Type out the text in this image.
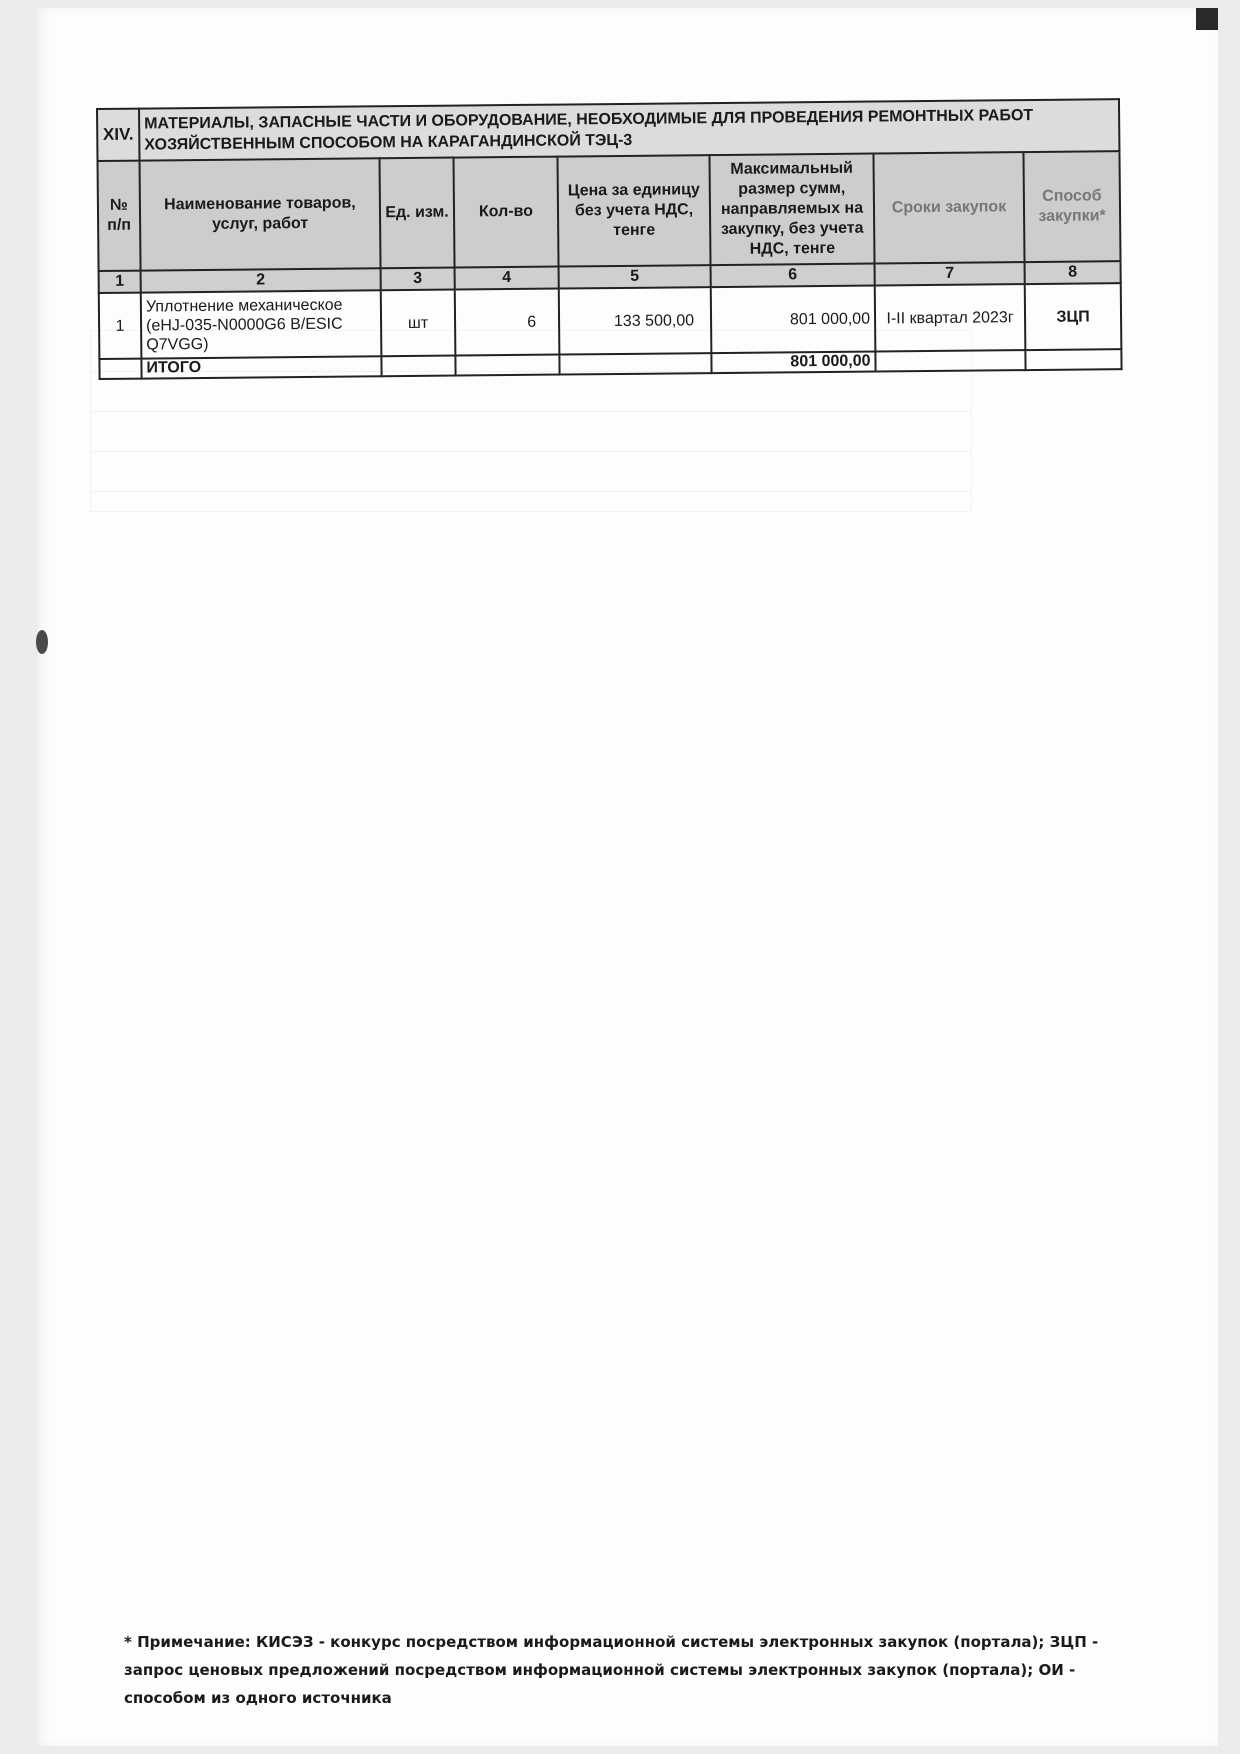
XIV.	МАТЕРИАЛЫ, ЗАПАСНЫЕ ЧАСТИ И ОБОРУДОВАНИЕ, НЕОБХОДИМЫЕ ДЛЯ ПРОВЕДЕНИЯ РЕМОНТНЫХ РАБОТ
ХОЗЯЙСТВЕННЫМ СПОСОБОМ НА КАРАГАНДИНСКОЙ ТЭЦ-3						

№ п/п	Наименование товаров, услуг, работ	Ед. изм.	Кол-во	Цена за единицу без учета НДС, тенге	Максимальный размер сумм, направляемых на закупку, без учета НДС, тенге	Сроки закупок	Способ закупки*
1	2	3	4	5	6	7	8
1	Уплотнение механическое (eHJ-035-N0000G6 B/ESIC Q7VGG)	шт	6	133 500,00	801 000,00	I-II квартал 2023г	ЗЦП
	ИТОГО				801 000,00		
* Примечание: КИСЭЗ - конкурс посредством информационной системы электронных закупок (портала); ЗЦП -
запрос ценовых предложений посредством информационной системы электронных закупок (портала); ОИ -
способом из одного источника
